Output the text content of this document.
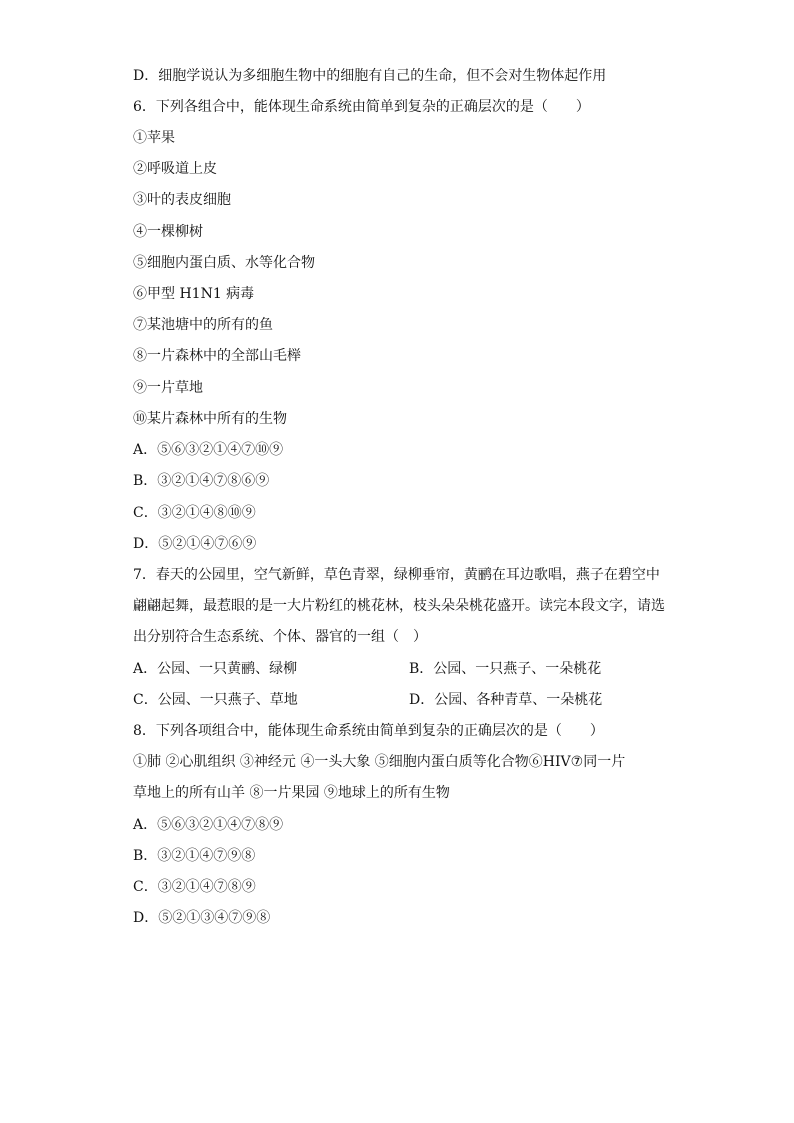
D．细胞学说认为多细胞生物中的细胞有自己的生命，但不会对生物体起作用
6．下列各组合中，能体现生命系统由简单到复杂的正确层次的是（　　）
①苹果
②呼吸道上皮
③叶的表皮细胞
④一棵柳树
⑤细胞内蛋白质、水等化合物
⑥甲型 H1N1 病毒
⑦某池塘中的所有的鱼
⑧一片森林中的全部山毛榉
⑨一片草地
⑩某片森林中所有的生物
A．⑤⑥③②①④⑦⑩⑨
B．③②①④⑦⑧⑥⑨
C．③②①④⑧⑩⑨
D．⑤②①④⑦⑥⑨
7．春天的公园里，空气新鲜，草色青翠，绿柳垂帘，黄鹂在耳边歌唱，燕子在碧空中
翩翩起舞，最惹眼的是一大片粉红的桃花林，枝头朵朵桃花盛开。读完本段文字，请选
出分别符合生态系统、个体、器官的一组（　）
A．公园、一只黄鹂、绿柳	B．公园、一只燕子、一朵桃花
C．公园、一只燕子、草地	D．公园、各种青草、一朵桃花
8．下列各项组合中，能体现生命系统由简单到复杂的正确层次的是（　　）
①肺 ②心肌组织 ③神经元 ④一头大象 ⑤细胞内蛋白质等化合物⑥HIV⑦同一片
草地上的所有山羊 ⑧一片果园 ⑨地球上的所有生物
A．⑤⑥③②①④⑦⑧⑨
B．③②①④⑦⑨⑧
C．③②①④⑦⑧⑨
D．⑤②①③④⑦⑨⑧
